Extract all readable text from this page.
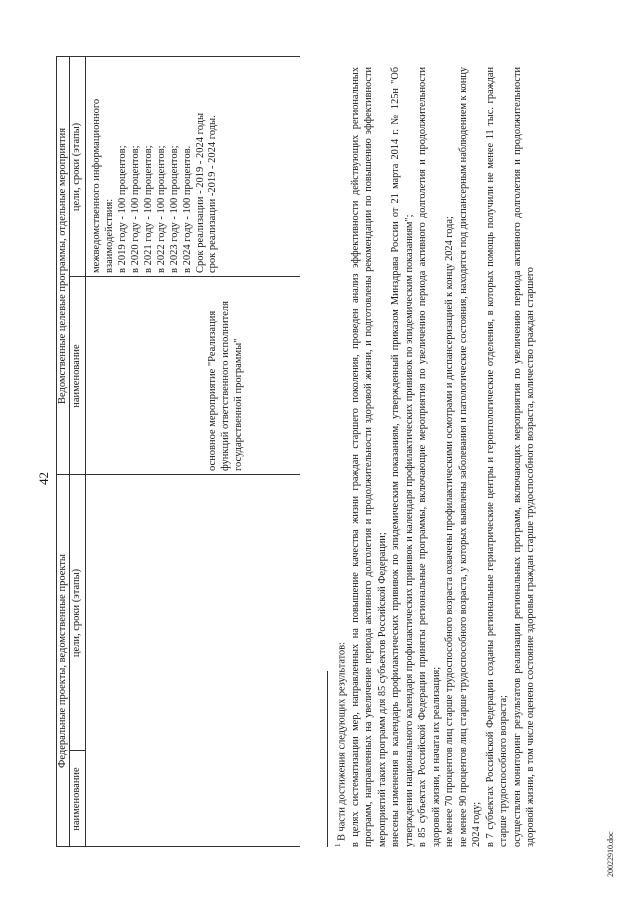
42
Федеральные проекты, ведомственные проекты
Ведомственные целевые программы, отдельные мероприятия
наименование
цели, сроки (этапы)
наименование
цели, сроки (этапы) межведомственного информационного взаимодействия: в 2019 году - 100 процентов; в 2020 году - 100 процентов; в 2021 году - 100 процентов; в 2022 году - 100 процентов; в 2023 году - 100 процентов; в 2024 году - 100 процентов. Срок реализации - 2019 - 2024 годы
основное мероприятие "Реализация функций ответственного исполнителя государственной программы"
срок реализации -2019 - 2024 годы.

$^1$ В части достижения следующих результатов: в целях систематизации мер, направленных на повышение качества жизни граждан старшего поколения, проведен анализ эффективности действующих региональных программ, направленных на увеличение периода активного долголетия и продолжительности здоровой жизни, и подготовлены рекомендации по повышению эффективности мероприятий таких программ для 85 субъектов Российской Федерации; внесены изменения в календарь профилактических прививок по эпидемическим показаниям, утвержденный приказом Минздрава России от 21 марта 2014 г. № 125н "Об утверждении национального календаря профилактических прививок и календаря профилактических прививок по эпидемическим показаниям"; в 85 субъектах Российской Федерации приняты региональные программы, включающие мероприятия по увеличению периода активного долголетия и продолжительности здоровой жизни, и начата их реализация; не менее 70 процентов лиц старше трудоспособного возраста охвачены профилактическими осмотрами и диспансеризацией к концу 2024 года; не менее 90 процентов лиц старше трудоспособного возраста, у которых выявлены заболевания и патологические состояния, находятся под диспансерным наблюдением к концу 2024 году; в 7 субъектах Российской Федерации созданы региональные гериатрические центры и геронтологические отделения, в которых помощь получили не менее 11 тыс. граждан старше трудоспособного возраста; осуществлен мониторинг результатов реализации региональных программ, включающих мероприятия по увеличению периода активного долголетия и продолжительности здоровой жизни, в том числе оценено состояние здоровья граждан старше трудоспособного возраста, количество граждан старшего

20022910.doc
